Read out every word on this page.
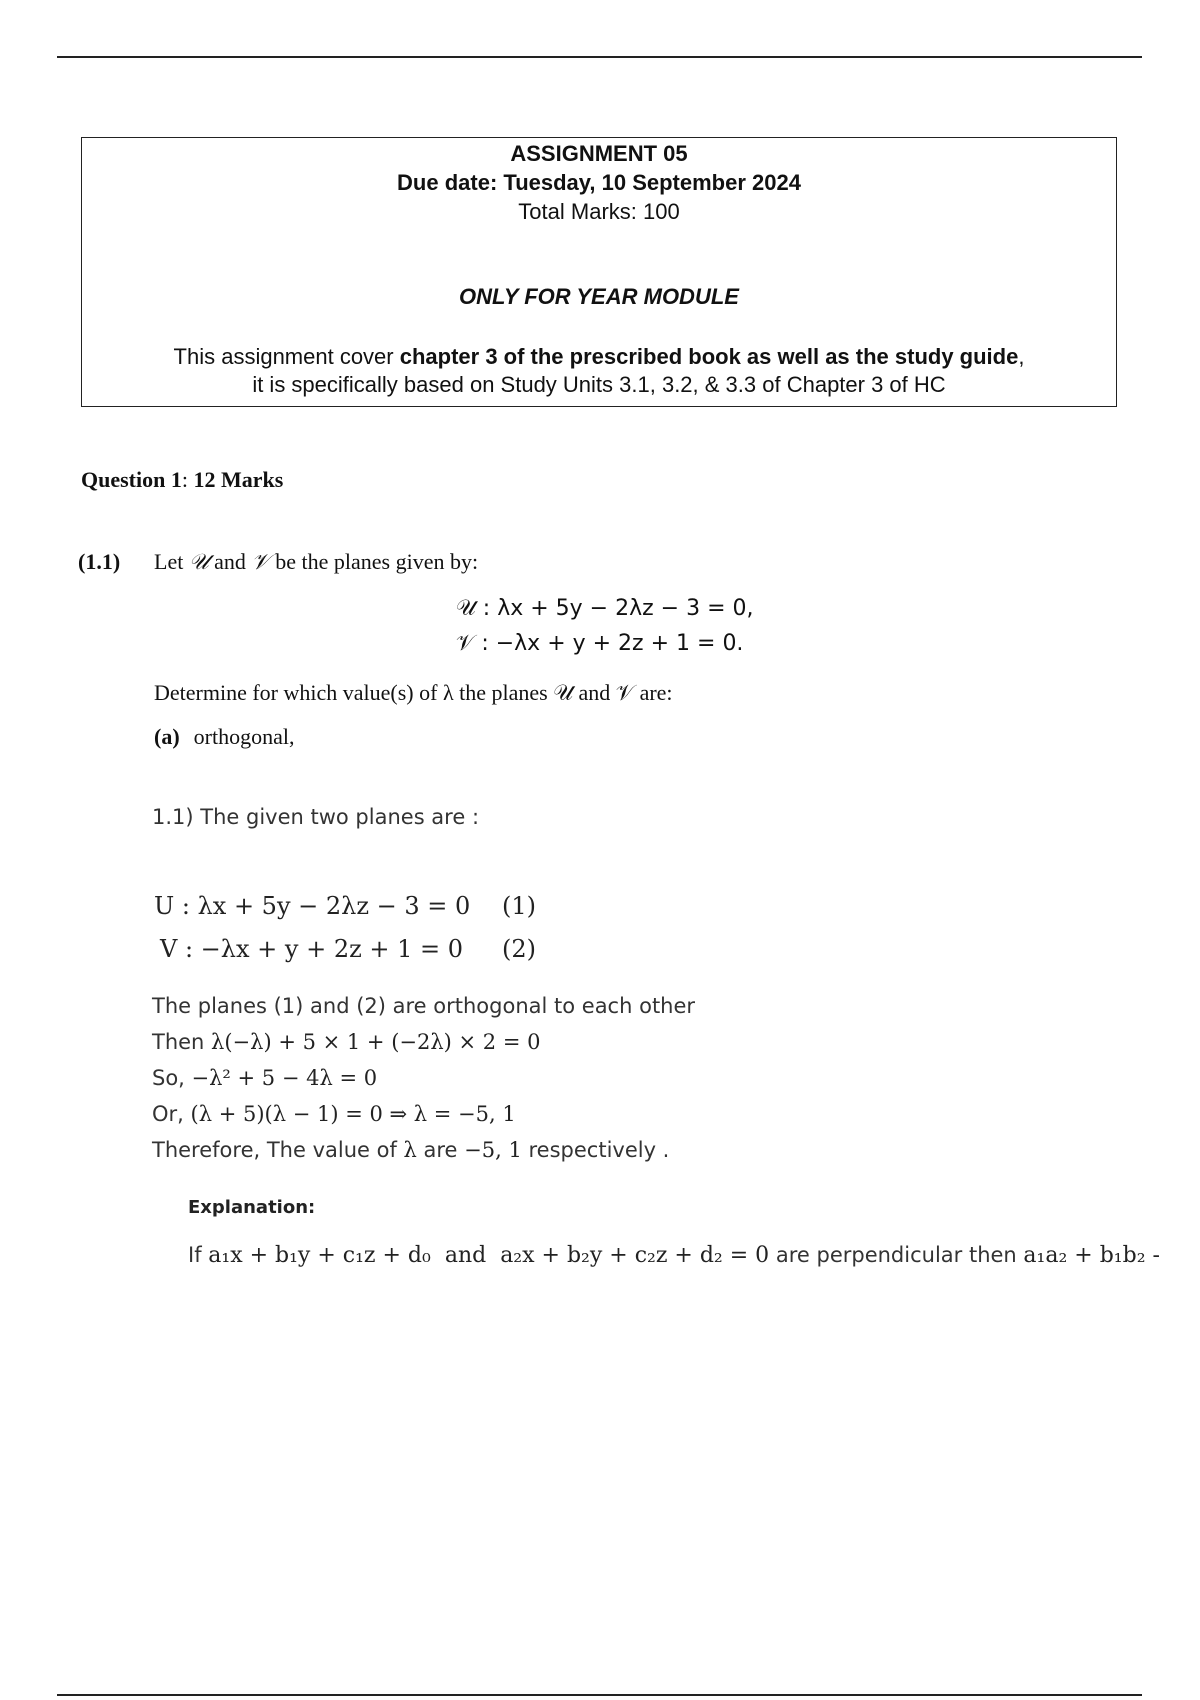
ASSIGNMENT 05
Due date: Tuesday, 10 September 2024
Total Marks: 100
ONLY FOR YEAR MODULE
This assignment cover chapter 3 of the prescribed book as well as the study guide,
it is specifically based on Study Units 3.1, 3.2, & 3.3 of Chapter 3 of HC
Question 1: 12 Marks
(1.1) Let 𝒰 and 𝒱 be the planes given by:
𝒰 : λx + 5y − 2λz − 3 = 0,
𝒱 : −λx + y + 2z + 1 = 0.
Determine for which value(s) of λ the planes 𝒰 and 𝒱 are:
(a) orthogonal,
1.1) The given two planes are :
U : λx + 5y − 2λz − 3 = 0 (1)
V : −λx + y + 2z + 1 = 0 (2)
The planes (1) and (2) are orthogonal to each other
Then λ(−λ) + 5 × 1 + (−2λ) × 2 = 0
So, −λ² + 5 − 4λ = 0
Or, (λ + 5)(λ − 1) = 0 ⇒ λ = −5, 1
Therefore, The value of λ are −5, 1 respectively .
Explanation:
If a₁x + b₁y + c₁z + d₀  and  a₂x + b₂y + c₂z + d₂ = 0 are perpendicular then a₁a₂ + b₁b₂ -
